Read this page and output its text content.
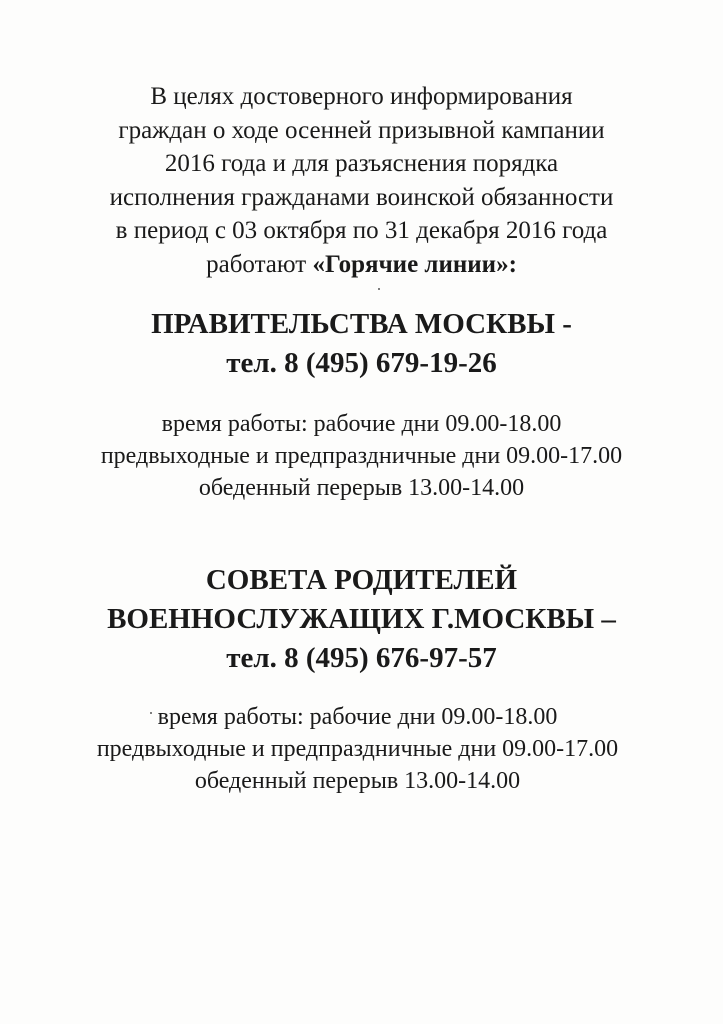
В целях достоверного информирования
граждан о ходе осенней призывной кампании
2016 года и для разъяснения порядка
исполнения гражданами воинской обязанности
в период с 03 октября по 31 декабря 2016 года
работают «Горячие линии»:
ПРАВИТЕЛЬСТВА МОСКВЫ -
тел. 8 (495) 679-19-26
время работы: рабочие дни 09.00-18.00
предвыходные и предпраздничные дни 09.00-17.00
обеденный перерыв 13.00-14.00
СОВЕТА РОДИТЕЛЕЙ
ВОЕННОСЛУЖАЩИХ Г.МОСКВЫ –
тел. 8 (495) 676-97-57
время работы: рабочие дни 09.00-18.00
предвыходные и предпраздничные дни 09.00-17.00
обеденный перерыв 13.00-14.00
